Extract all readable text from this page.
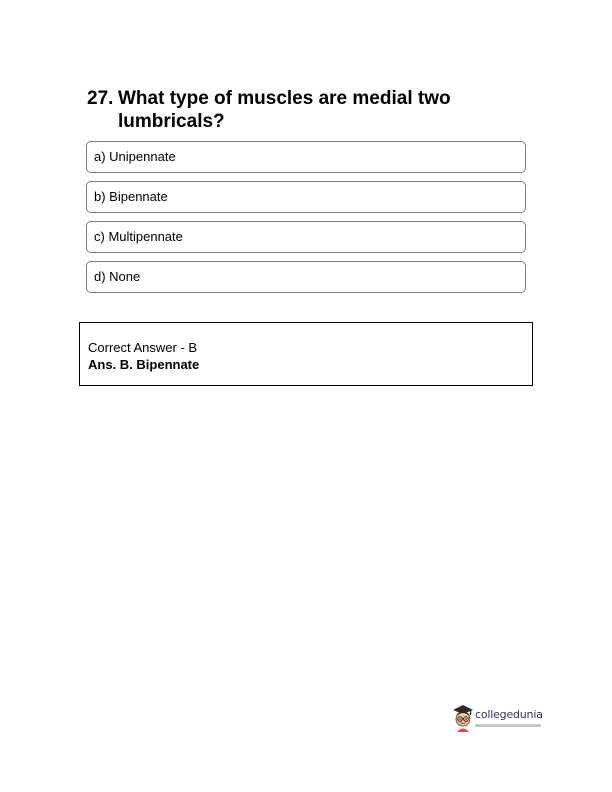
27. What type of muscles are medial two lumbricals?
a) Unipennate
b) Bipennate
c) Multipennate
d) None
Correct Answer - B
Ans. B. Bipennate
collegedunia
